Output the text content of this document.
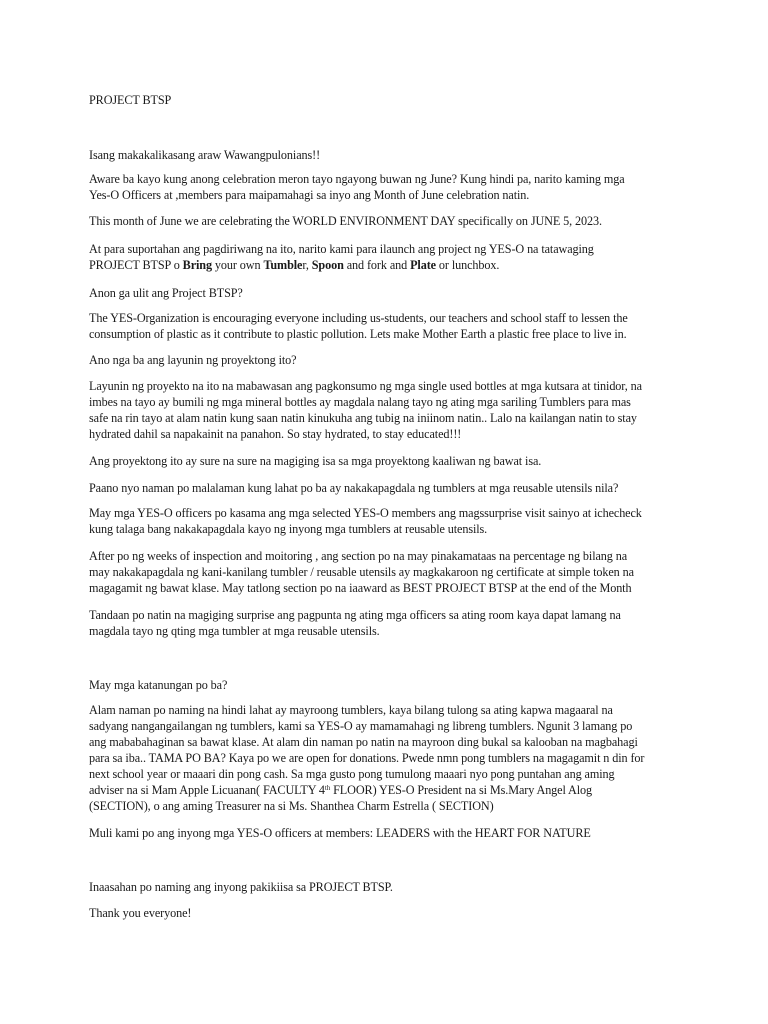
PROJECT BTSP

Isang makakalikasang araw Wawangpulonians!!

Aware ba kayo kung anong celebration meron tayo ngayong buwan ng June? Kung hindi pa, narito kaming mga

Yes-O Officers at ,members para maipamahagi sa inyo ang Month of June celebration natin.

This month of June we are celebrating the WORLD ENVIRONMENT DAY specifically on JUNE 5, 2023.

At para suportahan ang pagdiriwang na ito, narito kami para ilaunch ang project ng YES-O na tatawaging

PROJECT BTSP o Bring your own Tumbler, Spoon and fork and Plate or lunchbox.

Anon ga ulit ang Project BTSP?

The YES-Organization is encouraging everyone including us-students, our teachers and school staff to lessen the

consumption of plastic as it contribute to plastic pollution. Lets make Mother Earth a plastic free place to live in.

Ano nga ba ang layunin ng proyektong ito?

Layunin ng proyekto na ito na mabawasan ang pagkonsumo ng mga single used bottles at mga kutsara at tinidor, na

imbes na tayo ay bumili ng mga mineral bottles ay magdala nalang tayo ng ating mga sariling Tumblers para mas

safe na rin tayo at alam natin kung saan natin kinukuha ang tubig na iniinom natin.. Lalo na kailangan natin to stay

hydrated dahil sa napakainit na panahon. So stay hydrated, to stay educated!!!

Ang proyektong ito ay sure na sure na magiging isa sa mga proyektong kaaliwan ng bawat isa.

Paano nyo naman po malalaman kung lahat po ba ay nakakapagdala ng tumblers at mga reusable utensils nila?

May mga YES-O officers po kasama ang mga selected YES-O members ang magssurprise visit sainyo at ichecheck

kung talaga bang nakakapagdala kayo ng inyong mga tumblers at reusable utensils.

After po ng weeks of inspection and moitoring , ang section po na may pinakamataas na percentage ng bilang na

may nakakapagdala ng kani-kanilang tumbler / reusable utensils ay magkakaroon ng certificate at simple token na

magagamit ng bawat klase. May tatlong section po na iaaward as BEST PROJECT BTSP at the end of the Month

Tandaan po natin na magiging surprise ang pagpunta ng ating mga officers sa ating room kaya dapat lamang na

magdala tayo ng qting mga tumbler at mga reusable utensils.

May mga katanungan po ba?

Alam naman po naming na hindi lahat ay mayroong tumblers, kaya bilang tulong sa ating kapwa magaaral na

sadyang nangangailangan ng tumblers, kami sa YES-O ay mamamahagi ng libreng tumblers. Ngunit 3 lamang po

ang mababahaginan sa bawat klase. At alam din naman po natin na mayroon ding bukal sa kalooban na magbahagi

para sa iba.. TAMA PO BA? Kaya po we are open for donations. Pwede nmn pong tumblers na magagamit n din for

next school year or maaari din pong cash. Sa mga gusto pong tumulong maaari nyo pong puntahan ang aming

adviser na si Mam Apple Licuanan( FACULTY 4th FLOOR) YES-O President na si Ms.Mary Angel Alog

(SECTION), o ang aming Treasurer na si Ms. Shanthea Charm Estrella ( SECTION)

Muli kami po ang inyong mga YES-O officers at members: LEADERS with the HEART FOR NATURE

Inaasahan po naming ang inyong pakikiisa sa PROJECT BTSP.

Thank you everyone!
